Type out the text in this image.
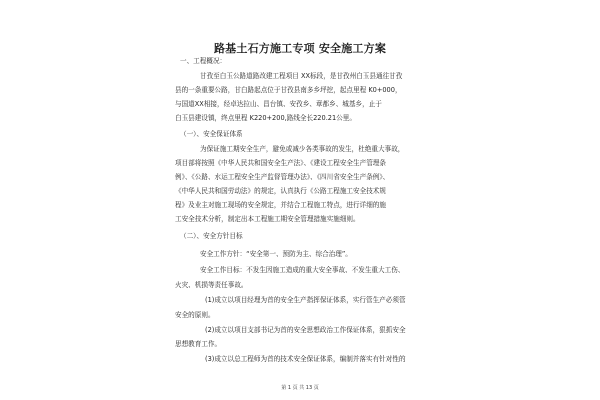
路基土石方施工专项 安全施工方案
一、工程概况：
甘孜至白玉公路道路改建工程项目 XX标段，是甘孜州白玉县通往甘孜
县的一条重要公路，甘白路起点位于甘孜县南多乡坪挖，起点里程 K0+000，
与国道XX相接，经卓达拉山、昌台镇、安孜乡、章都乡、城基乡，止于
白玉县建设镇，终点里程 K220+200,路线全长220.21公里。
（一）、安全保证体系
为保证施工期安全生产，避免或减少各类事故的发生，杜绝重大事故，
项目部将按照《中华人民共和国安全生产法》、《建设工程安全生产管理条
例》、《公路、水运工程安全生产监督管理办法》、《四川省安全生产条例》、
《中华人民共和国劳动法》的规定，认真执行《公路工程施工安全技术规
程》及业主对施工现场的安全规定，并结合工程施工特点，进行详细的施
工安全技术分析，制定出本工程施工期安全管理措施实施细则。
（二）、安全方针目标
安全工作方针：“安全第一、预防为主、综合治理”。
安全工作目标：不发生因施工造成的重大安全事故、不发生重大工伤、
火灾、机损等责任事故。
(1)成立以项目经理为首的安全生产指挥保证体系，实行管生产必须管
安全的原则。
(2)成立以项目支部书记为首的安全思想政治工作保证体系，狠抓安全
思想教育工作。
(3)成立以总工程师为首的技术安全保证体系，编制并落实有针对性的
第 1 页 共 13 页
